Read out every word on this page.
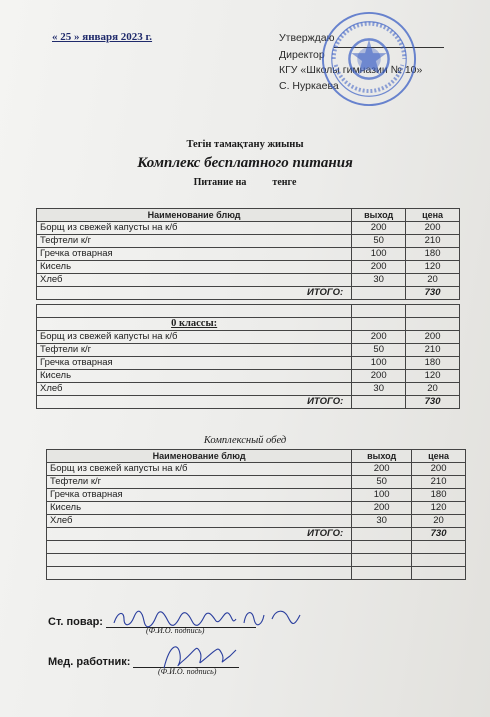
« 25 » января 2023 г.	Утверждаю
Директор
КГУ «Школы гимназии № 10»
С. Нуркаева
Тегін тамақтану жиыны
Комплекс бесплатного питания
Питание на	тенге
Наименование блюд	выход	цена
Борщ из свежей капусты на к/б	200	200
Тефтели к/г	50	210
Гречка отварная	100	180
Кисель	200	120
Хлеб	30	20
ИТОГО:		730

0 классы:		
Борщ из свежей капусты на к/б	200	200
Тефтели к/г	50	210
Гречка отварная	100	180
Кисель	200	120
Хлеб	30	20
ИТОГО:		730
Комплексный обед
Наименование блюд	выход	цена
Борщ из свежей капусты на к/б	200	200
Тефтели к/г	50	210
Гречка отварная	100	180
Кисель	200	120
Хлеб	30	20
ИТОГО:		730

Ст. повар:
(Ф.И.О. подпись)
Мед. работник:
(Ф.И.О. подпись)
